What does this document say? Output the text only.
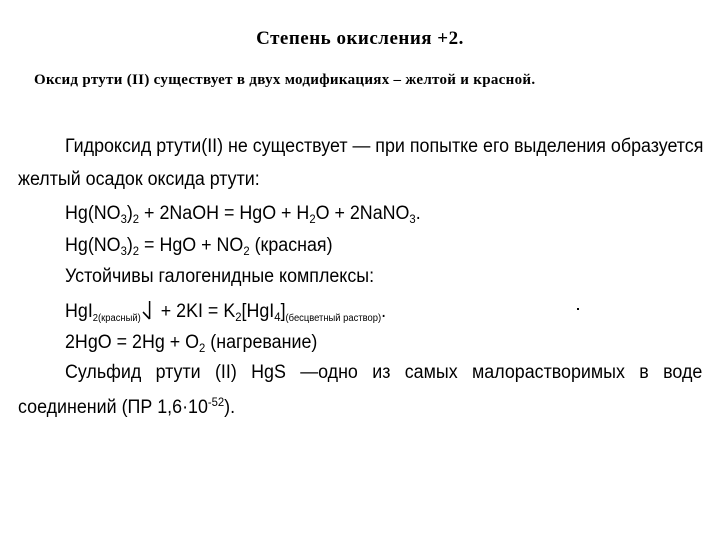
Степень окисления +2.
Оксид ртути (II) существует в двух модификациях – желтой и красной.
Гидроксид ртути(II) не существует — при попытке его выделения образуется
желтый осадок оксида ртути:
$Hg(NO_3)_2$ + 2NaOH = HgO + $H_2O$ + 2NaNO$_3$.
$Hg(NO_3)_2$ = HgO + $NO_2$ (красная)
Устойчивы галогенидные комплексы:
HgI$_{2(красный)}$
+ $2KI = K_2[HgI_4]_{(бесцветный раствор)}$.
$2HgO = 2Hg + O_2$ (нагревание)
Сульфид ртути (II) HgS —одно из самых малорастворимых в воде
соединений (ПР $1,6\cdot 10^{-52}$).
